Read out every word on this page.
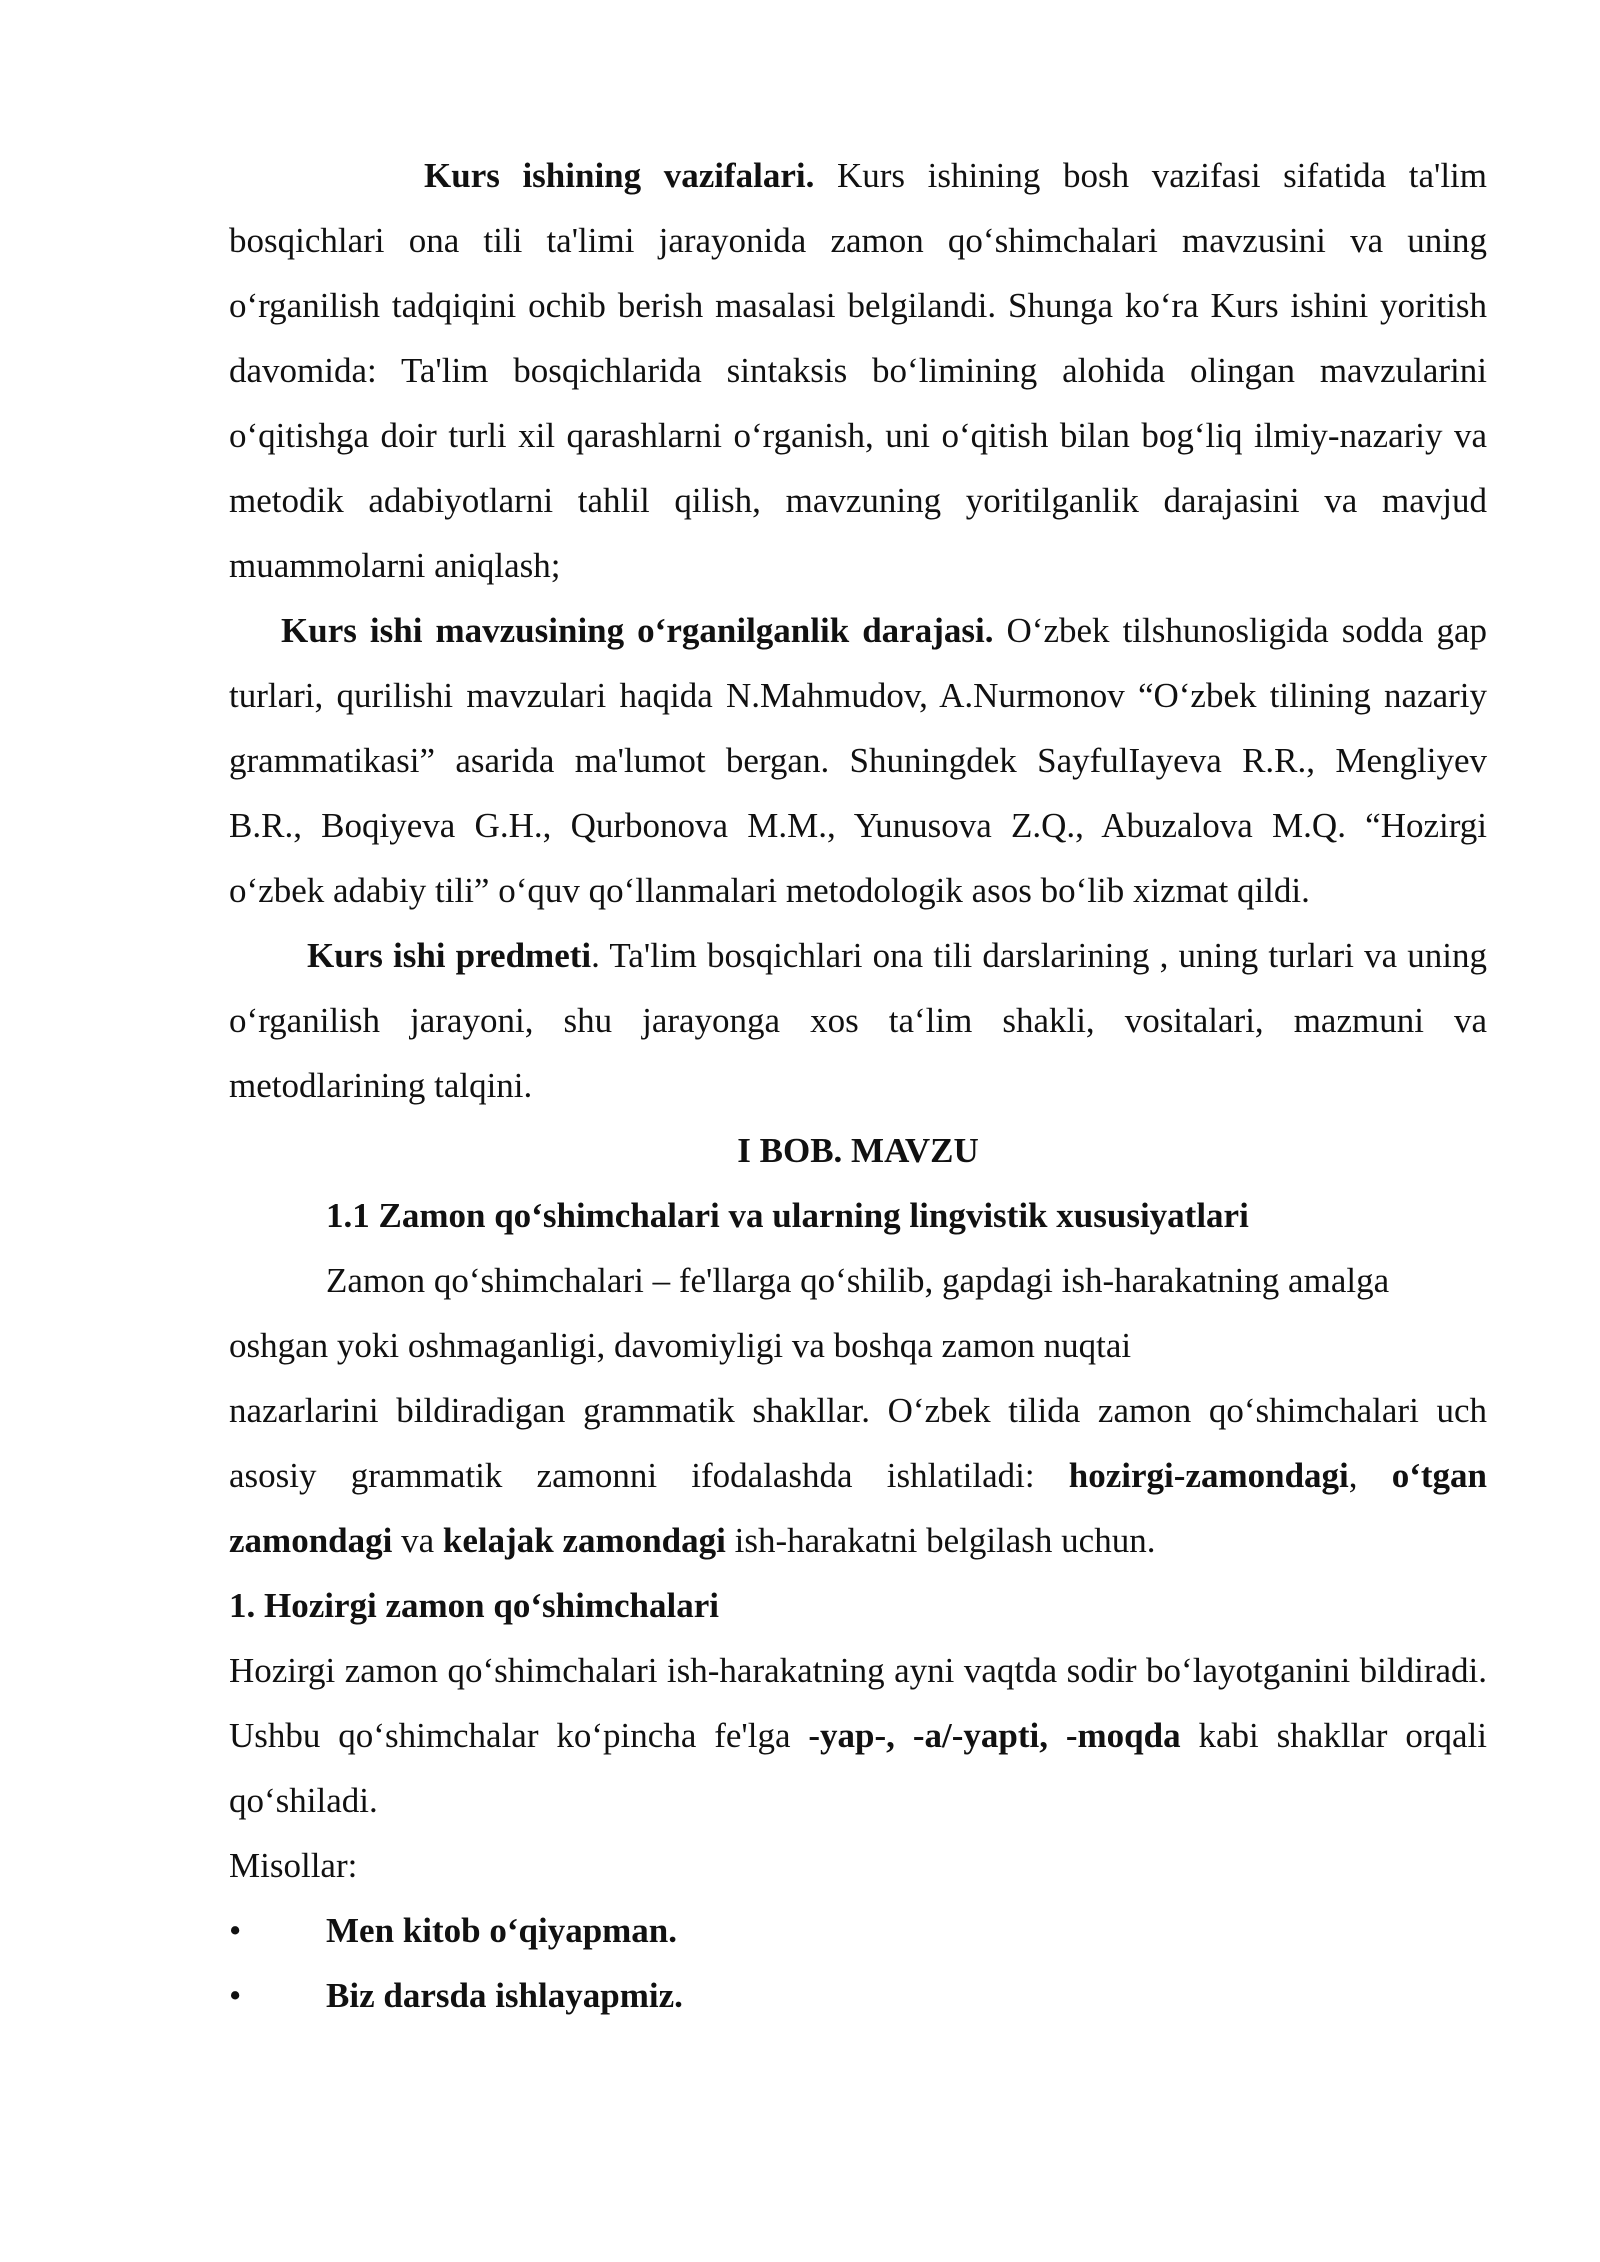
Kurs ishining vazifalari. Kurs ishining bosh vazifasi sifatida ta'lim bosqichlari ona tili ta'limi jarayonida zamon qo‘shimchalari mavzusini va uning o‘rganilish tadqiqini ochib berish masalasi belgilandi. Shunga ko‘ra Kurs ishini yoritish davomida: Ta'lim bosqichlarida sintaksis bo‘limining alohida olingan mavzularini o‘qitishga doir turli xil qarashlarni o‘rganish, uni o‘qitish bilan bog‘liq ilmiy-nazariy va metodik adabiyotlarni tahlil qilish, mavzuning yoritilganlik darajasini va mavjud muammolarni aniqlash;

Kurs ishi mavzusining o‘rganilganlik darajasi. O‘zbek tilshunosligida sodda gap turlari, qurilishi mavzulari haqida N.Mahmudov, A.Nurmonov “O‘zbek tilining nazariy grammatikasi” asarida ma'lumot bergan. Shuningdek SayfulIayeva R.R., Mengliyev B.R., Boqiyeva G.H., Qurbonova M.M., Yunusova Z.Q., Abuzalova M.Q. “Hozirgi o‘zbek adabiy tili” o‘quv qo‘llanmalari metodologik asos bo‘lib xizmat qildi.

Kurs ishi predmeti. Ta'lim bosqichlari ona tili darslarining , uning turlari va uning o‘rganilish jarayoni, shu jarayonga xos ta‘lim shakli, vositalari, mazmuni va metodlarining talqini.

I BOB. MAVZU

1.1 Zamon qo‘shimchalari va ularning lingvistik xususiyatlari

Zamon qo‘shimchalari – fe'llarga qo‘shilib, gapdagi ish-harakatning amalga oshgan yoki oshmaganligi, davomiyligi va boshqa zamon nuqtai

nazarlarini bildiradigan grammatik shakllar. O‘zbek tilida zamon qo‘shimchalari uch asosiy grammatik zamonni ifodalashda ishlatiladi: hozirgi-zamondagi, o‘tgan zamondagi va kelajak zamondagi ish-harakatni belgilash uchun.

1. Hozirgi zamon qo‘shimchalari

Hozirgi zamon qo‘shimchalari ish-harakatning ayni vaqtda sodir bo‘layotganini bildiradi. Ushbu qo‘shimchalar ko‘pincha fe'lga -yap-, -a/-yapti, -moqda kabi shakllar orqali qo‘shiladi.

Misollar:

• Men kitob o‘qiyapman.
• Biz darsda ishlayapmiz.
